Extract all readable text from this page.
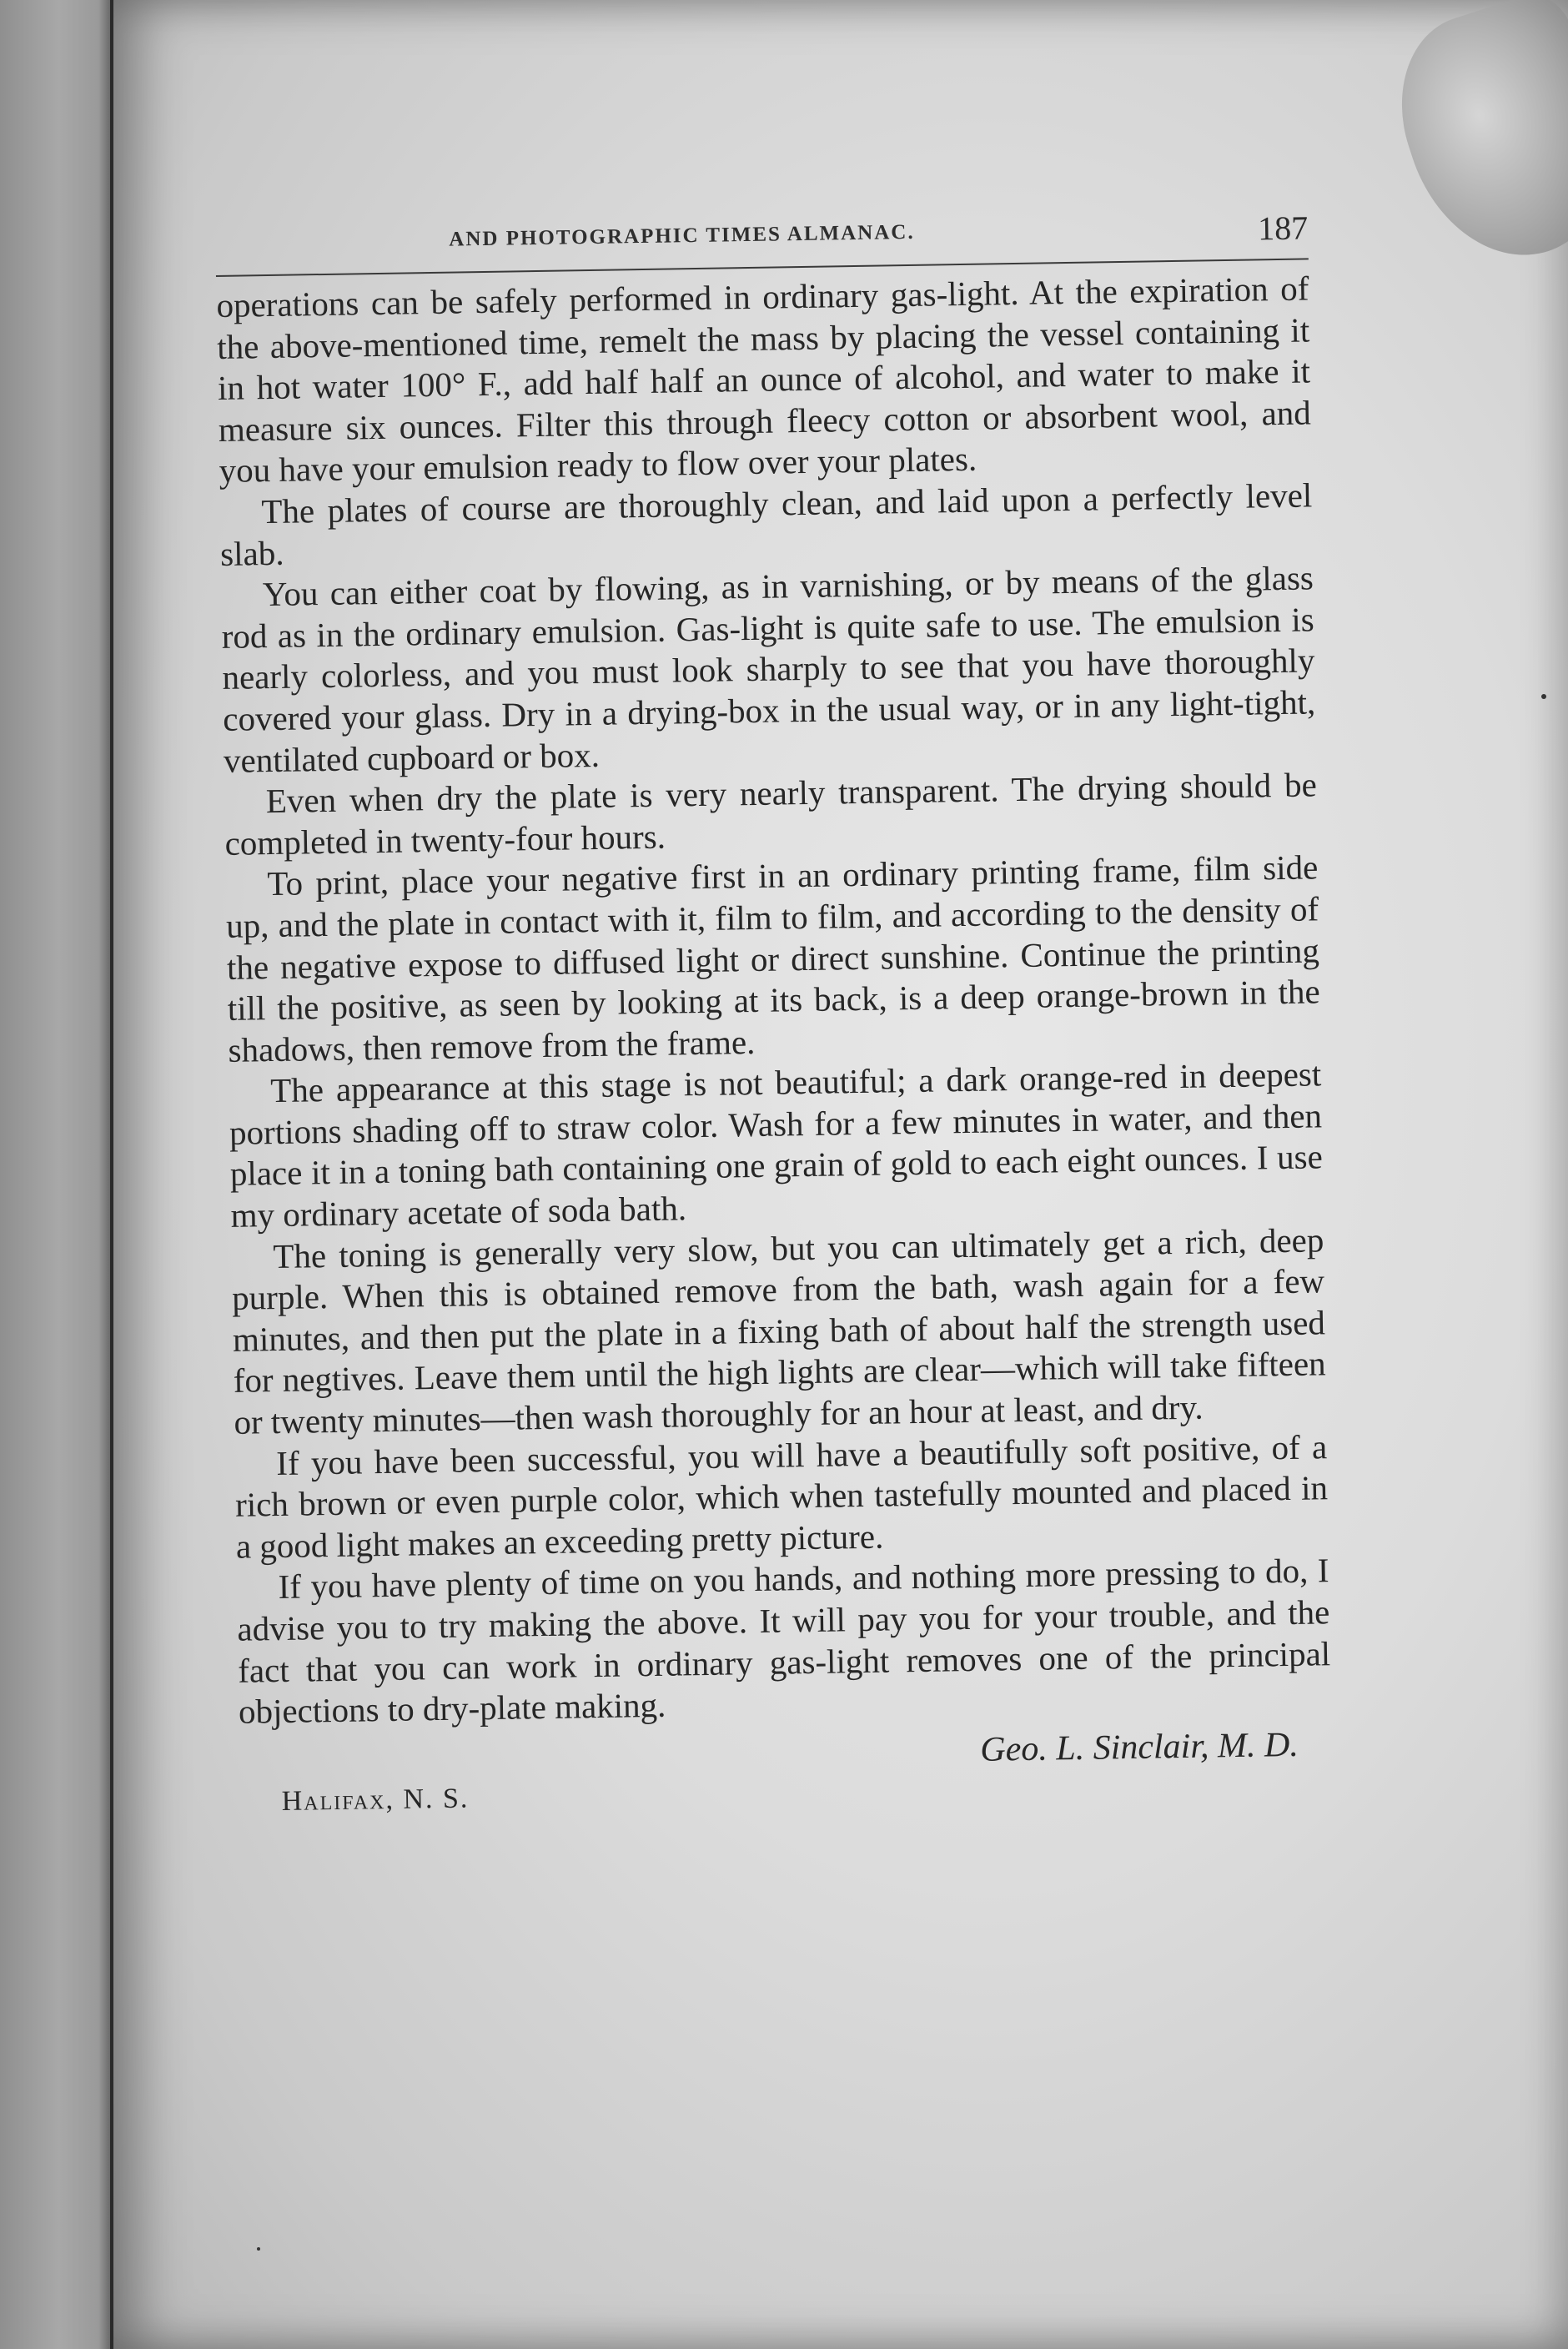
AND PHOTOGRAPHIC TIMES ALMANAC.	187

operations can be safely performed in ordinary gas-light. At the expiration of the above-mentioned time, remelt the mass by placing the vessel containing it in hot water 100° F., add half half an ounce of alcohol, and water to make it measure six ounces. Filter this through fleecy cotton or absorbent wool, and you have your emulsion ready to flow over your plates.

The plates of course are thoroughly clean, and laid upon a perfectly level slab.

You can either coat by flowing, as in varnishing, or by means of the glass rod as in the ordinary emulsion. Gas-light is quite safe to use. The emulsion is nearly colorless, and you must look sharply to see that you have thoroughly covered your glass. Dry in a drying-box in the usual way, or in any light-tight, ventilated cupboard or box.

Even when dry the plate is very nearly transparent. The drying should be completed in twenty-four hours.

To print, place your negative first in an ordinary printing frame, film side up, and the plate in contact with it, film to film, and according to the density of the negative expose to diffused light or direct sunshine. Continue the printing till the positive, as seen by looking at its back, is a deep orange-brown in the shadows, then remove from the frame.

The appearance at this stage is not beautiful; a dark orange-red in deepest portions shading off to straw color. Wash for a few minutes in water, and then place it in a toning bath containing one grain of gold to each eight ounces. I use my ordinary acetate of soda bath.

The toning is generally very slow, but you can ultimately get a rich, deep purple. When this is obtained remove from the bath, wash again for a few minutes, and then put the plate in a fixing bath of about half the strength used for negtives. Leave them until the high lights are clear—which will take fifteen or twenty minutes—then wash thoroughly for an hour at least, and dry.

If you have been successful, you will have a beautifully soft positive, of a rich brown or even purple color, which when tastefully mounted and placed in a good light makes an exceeding pretty picture.

If you have plenty of time on you hands, and nothing more pressing to do, I advise you to try making the above. It will pay you for your trouble, and the fact that you can work in ordinary gas-light removes one of the principal objections to dry-plate making.

Geo. L. Sinclair, M. D.
Halifax, N. S.
